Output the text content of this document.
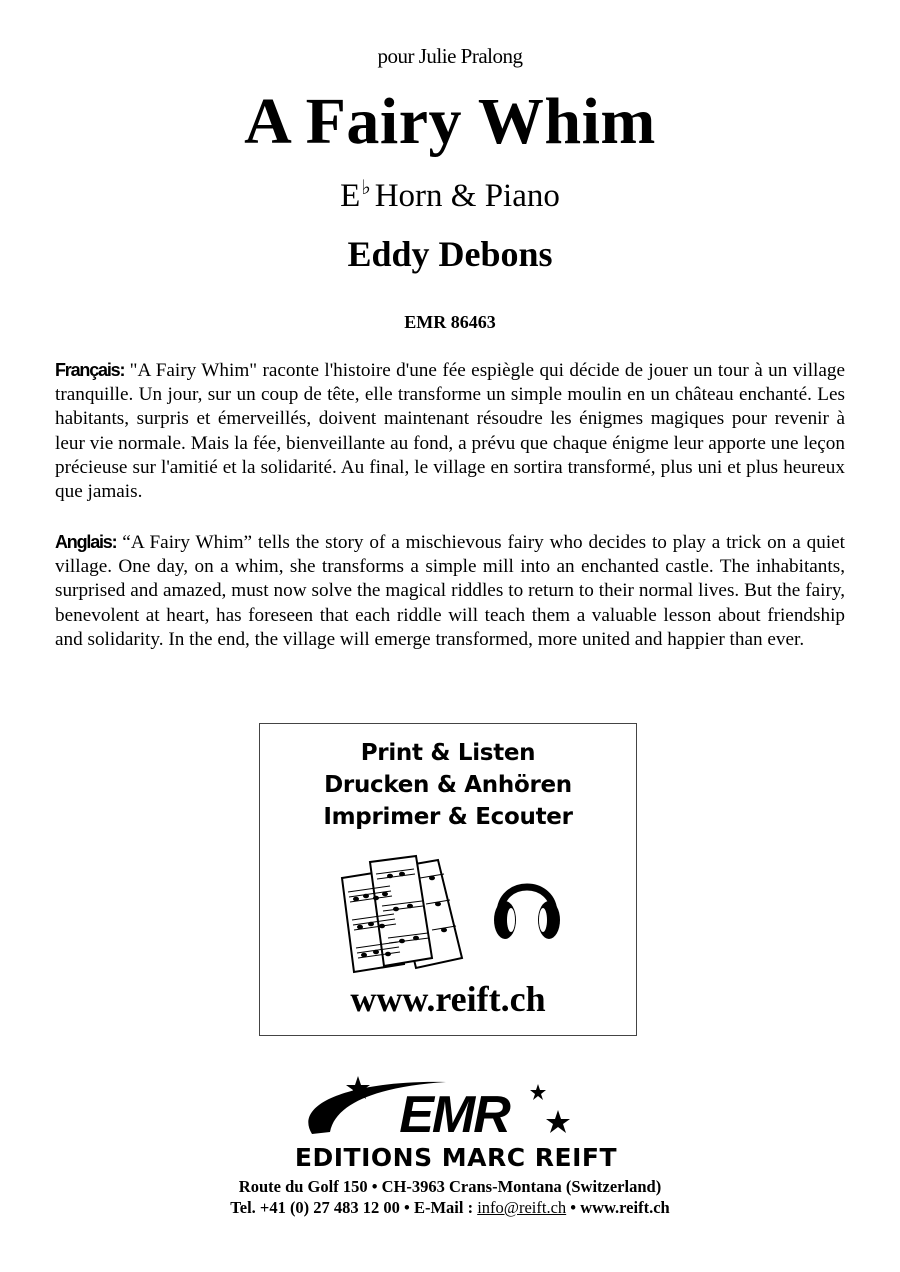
pour Julie Pralong
A Fairy Whim
E♭ Horn & Piano
Eddy Debons
EMR 86463
Français: "A Fairy Whim" raconte l'histoire d'une fée espiègle qui décide de jouer un tour à un village tranquille. Un jour, sur un coup de tête, elle transforme un simple moulin en un château enchanté. Les habitants, surpris et émerveillés, doivent maintenant résoudre les énigmes magiques pour revenir à leur vie normale. Mais la fée, bienveillante au fond, a prévu que chaque énigme leur apporte une leçon précieuse sur l'amitié et la solidarité. Au final, le village en sortira transformé, plus uni et plus heureux que jamais.
Anglais: “A Fairy Whim” tells the story of a mischievous fairy who decides to play a trick on a quiet village. One day, on a whim, she transforms a simple mill into an enchanted castle. The inhabitants, surprised and amazed, must now solve the magical riddles to return to their normal lives. But the fairy, benevolent at heart, has foreseen that each riddle will teach them a valuable lesson about friendship and solidarity. In the end, the village will emerge transformed, more united and happier than ever.
Print & Listen
Drucken & Anhören
Imprimer & Ecouter
www.reift.ch
EMR
EDITIONS MARC REIFT
Route du Golf 150 • CH-3963 Crans-Montana (Switzerland)
Tel. +41 (0) 27 483 12 00 • E-Mail : info@reift.ch • www.reift.ch
